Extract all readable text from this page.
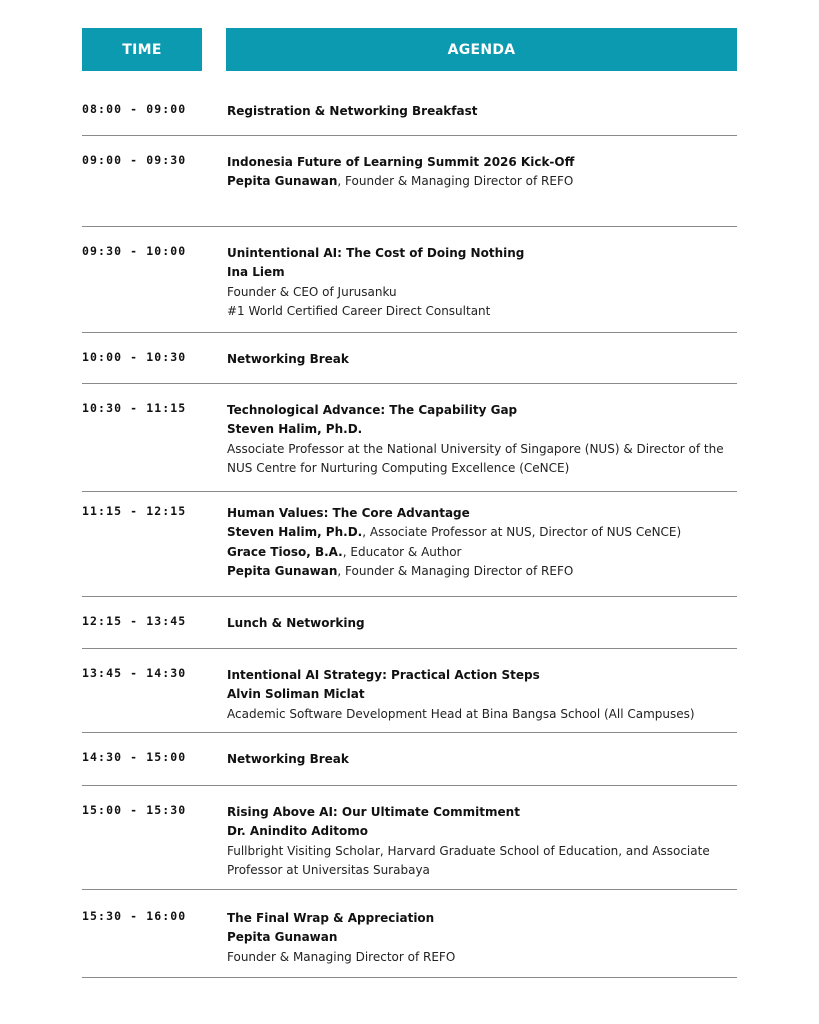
TIME	AGENDA
08:00 - 09:00	Registration & Networking Breakfast
09:00 - 09:30	Indonesia Future of Learning Summit 2026 Kick-Off
Pepita Gunawan, Founder & Managing Director of REFO
09:30 - 10:00	Unintentional AI: The Cost of Doing Nothing
Ina Liem
Founder & CEO of Jurusanku
#1 World Certified Career Direct Consultant
10:00 - 10:30	Networking Break
10:30 - 11:15	Technological Advance: The Capability Gap
Steven Halim, Ph.D.
Associate Professor at the National University of Singapore (NUS) & Director of the NUS Centre for Nurturing Computing Excellence (CeNCE)
11:15 - 12:15	Human Values: The Core Advantage
Steven Halim, Ph.D., Associate Professor at NUS, Director of NUS CeNCE)
Grace Tioso, B.A., Educator & Author
Pepita Gunawan, Founder & Managing Director of REFO
12:15 - 13:45	Lunch & Networking
13:45 - 14:30	Intentional AI Strategy: Practical Action Steps
Alvin Soliman Miclat
Academic Software Development Head at Bina Bangsa School (All Campuses)
14:30 - 15:00	Networking Break
15:00 - 15:30	Rising Above AI: Our Ultimate Commitment
Dr. Anindito Aditomo
Fullbright Visiting Scholar, Harvard Graduate School of Education, and Associate Professor at Universitas Surabaya
15:30 - 16:00	The Final Wrap & Appreciation
Pepita Gunawan
Founder & Managing Director of REFO
